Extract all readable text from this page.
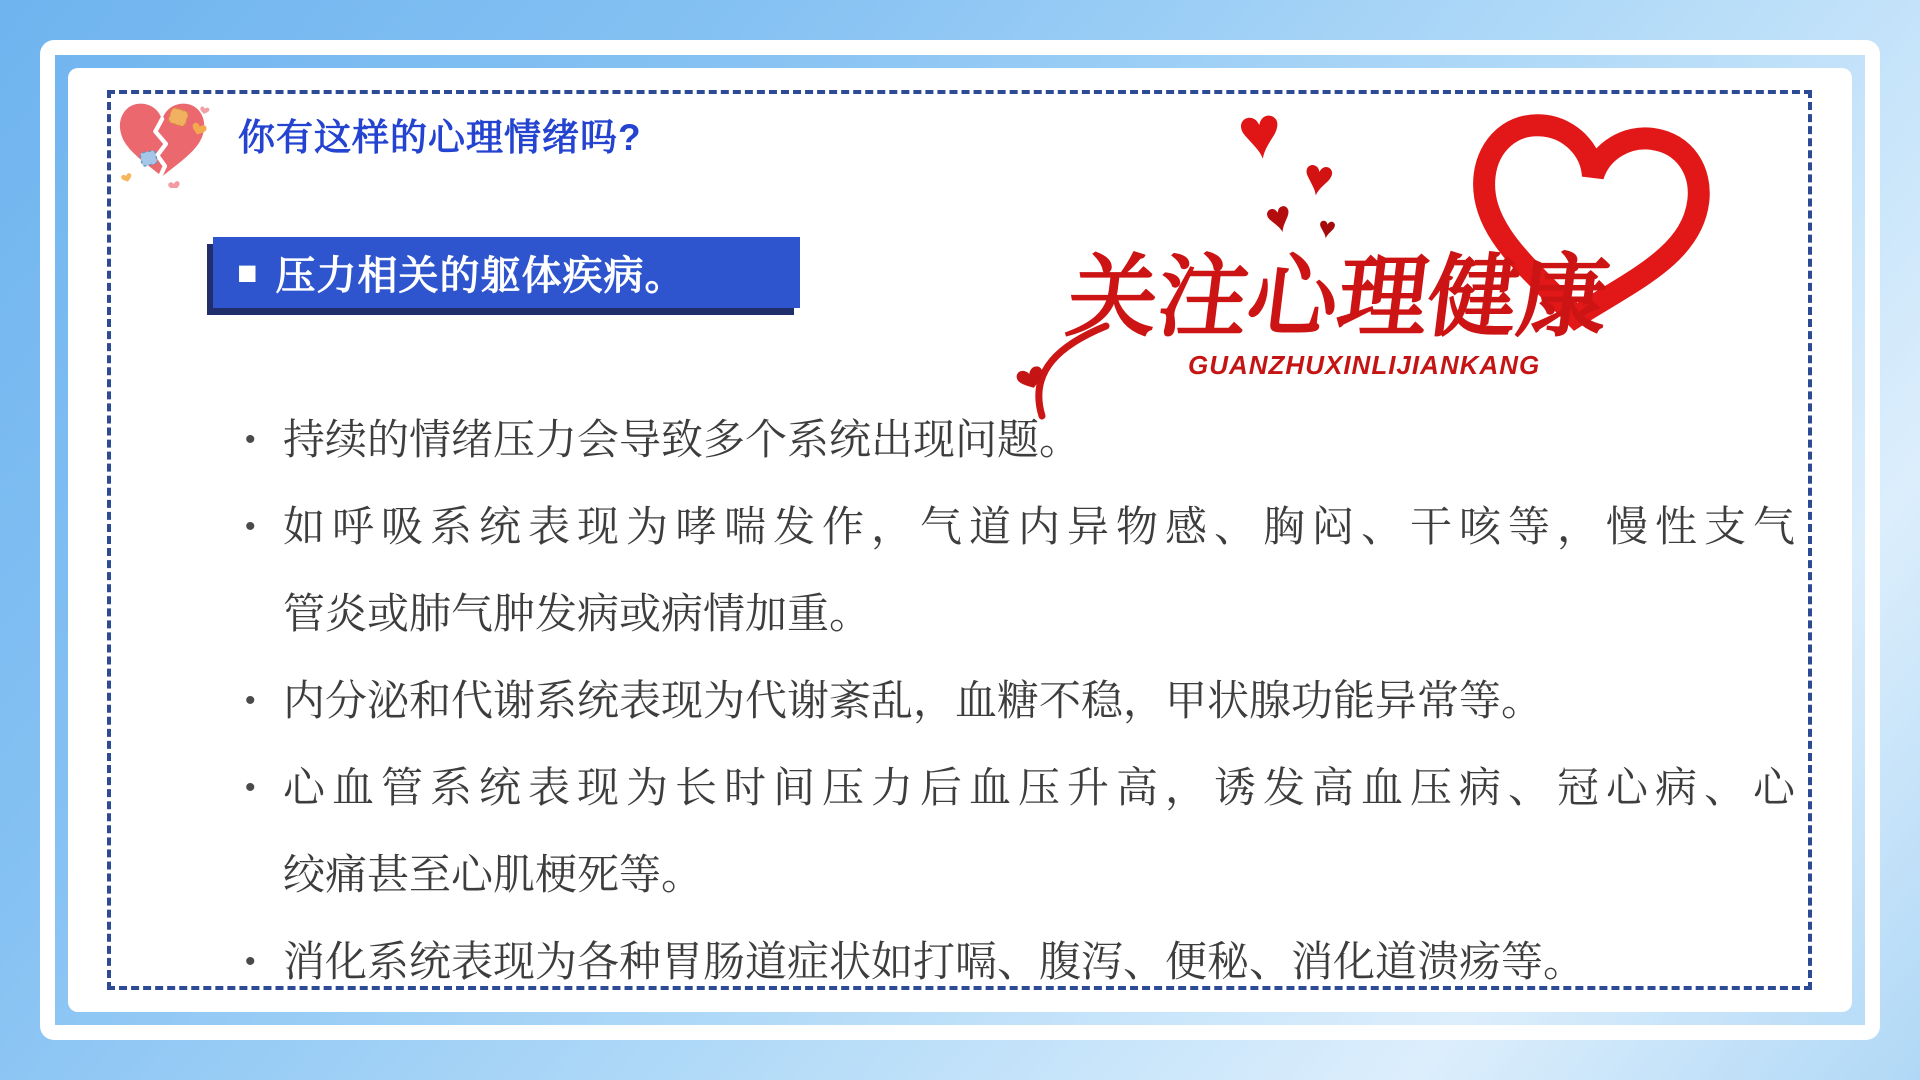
你有这样的心理情绪吗?
■ 压力相关的躯体疾病。
♥
♥
♥ ♥
关注心理健康
GUANZHUXINLIJIANKANG
• 持续的情绪压力会导致多个系统出现问题。
• 如呼吸系统表现为哮喘发作，气道内异物感、胸闷、干咳等，慢性支气
管炎或肺气肿发病或病情加重。
• 内分泌和代谢系统表现为代谢紊乱，血糖不稳，甲状腺功能异常等。
• 心血管系统表现为长时间压力后血压升高，诱发高血压病、冠心病、心
绞痛甚至心肌梗死等。
• 消化系统表现为各种胃肠道症状如打嗝、腹泻、便秘、消化道溃疡等。
